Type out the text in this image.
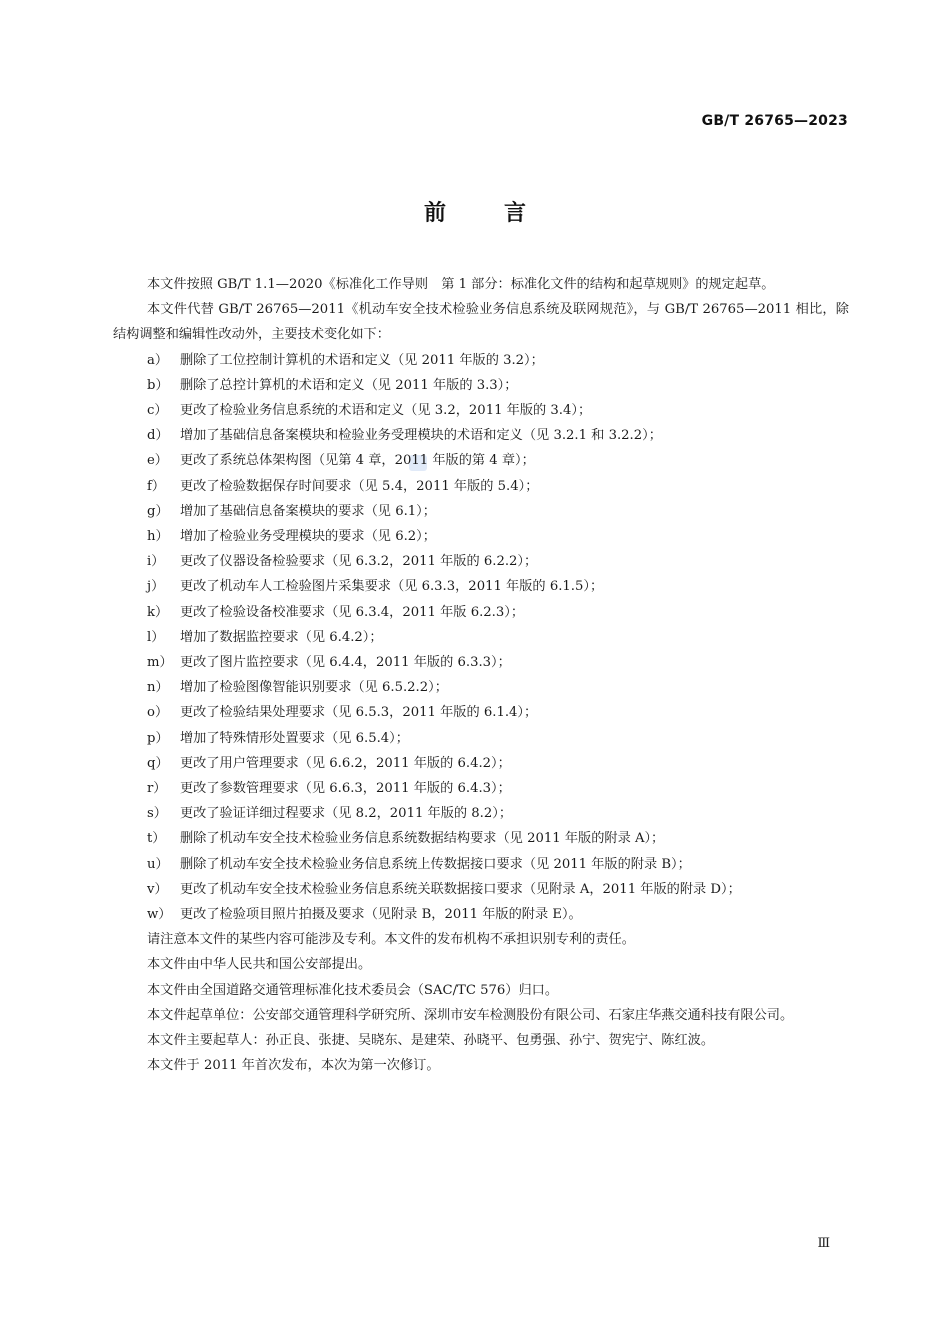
GB/T 26765—2023
前言

本文件按照 GB/T 1.1—2020《标准化工作导则　第 1 部分：标准化文件的结构和起草规则》的规定起草。

本文件代替 GB/T 26765—2011《机动车安全技术检验业务信息系统及联网规范》，与 GB/T 26765—2011 相比，除结构调整和编辑性改动外，主要技术变化如下：

a） 删除了工位控制计算机的术语和定义（见 2011 年版的 3.2）；
b） 删除了总控计算机的术语和定义（见 2011 年版的 3.3）；
c） 更改了检验业务信息系统的术语和定义（见 3.2，2011 年版的 3.4）；
d） 增加了基础信息备案模块和检验业务受理模块的术语和定义（见 3.2.1 和 3.2.2）；
e） 更改了系统总体架构图（见第 4 章，2011 年版的第 4 章）；
f） 更改了检验数据保存时间要求（见 5.4，2011 年版的 5.4）；
g） 增加了基础信息备案模块的要求（见 6.1）；
h） 增加了检验业务受理模块的要求（见 6.2）；
i） 更改了仪器设备检验要求（见 6.3.2，2011 年版的 6.2.2）；
j） 更改了机动车人工检验图片采集要求（见 6.3.3，2011 年版的 6.1.5）；
k） 更改了检验设备校准要求（见 6.3.4，2011 年版 6.2.3）；
l） 增加了数据监控要求（见 6.4.2）；
m） 更改了图片监控要求（见 6.4.4，2011 年版的 6.3.3）；
n） 增加了检验图像智能识别要求（见 6.5.2.2）；
o） 更改了检验结果处理要求（见 6.5.3，2011 年版的 6.1.4）；
p） 增加了特殊情形处置要求（见 6.5.4）；
q） 更改了用户管理要求（见 6.6.2，2011 年版的 6.4.2）；
r） 更改了参数管理要求（见 6.6.3，2011 年版的 6.4.3）；
s） 更改了验证详细过程要求（见 8.2，2011 年版的 8.2）；
t） 删除了机动车安全技术检验业务信息系统数据结构要求（见 2011 年版的附录 A）；
u） 删除了机动车安全技术检验业务信息系统上传数据接口要求（见 2011 年版的附录 B）；
v） 更改了机动车安全技术检验业务信息系统关联数据接口要求（见附录 A，2011 年版的附录 D）；
w） 更改了检验项目照片拍摄及要求（见附录 B，2011 年版的附录 E）。

请注意本文件的某些内容可能涉及专利。本文件的发布机构不承担识别专利的责任。

本文件由中华人民共和国公安部提出。

本文件由全国道路交通管理标准化技术委员会（SAC/TC 576）归口。

本文件起草单位：公安部交通管理科学研究所、深圳市安车检测股份有限公司、石家庄华燕交通科技有限公司。

本文件主要起草人：孙正良、张捷、吴晓东、是建荣、孙晓平、包勇强、孙宁、贺宪宁、陈红波。

本文件于 2011 年首次发布，本次为第一次修订。

Ⅲ
